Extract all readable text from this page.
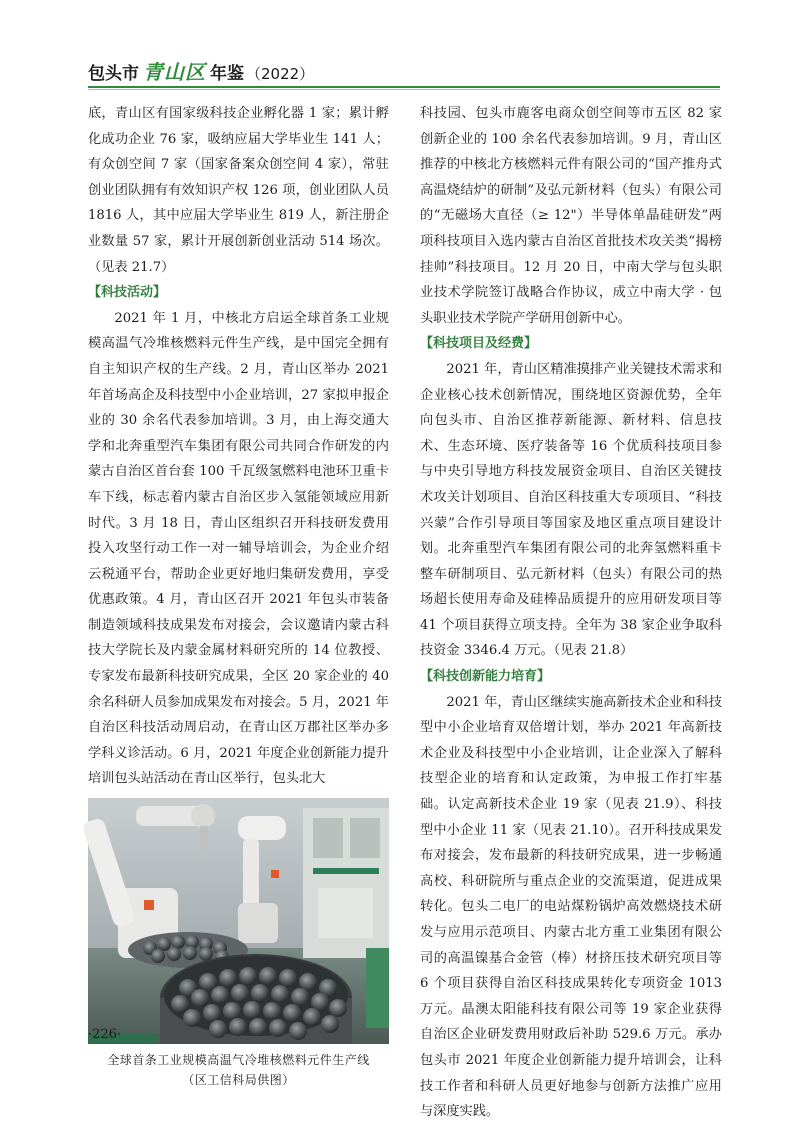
包头市 青山区 年鉴 （2022）

底，青山区有国家级科技企业孵化器 1 家；累计孵化成功企业 76 家，吸纳应届大学毕业生 141 人；有众创空间 7 家（国家备案众创空间 4 家），常驻创业团队拥有有效知识产权 126 项，创业团队人员 1816 人，其中应届大学毕业生 819 人，新注册企业数量 57 家，累计开展创新创业活动 514 场次。（见表 21.7）

【科技活动】

2021 年 1 月，中核北方启运全球首条工业规模高温气冷堆核燃料元件生产线，是中国完全拥有自主知识产权的生产线。2 月，青山区举办 2021 年首场高企及科技型中小企业培训，27 家拟申报企业的 30 余名代表参加培训。3 月，由上海交通大学和北奔重型汽车集团有限公司共同合作研发的内蒙古自治区首台套 100 千瓦级氢燃料电池环卫重卡车下线，标志着内蒙古自治区步入氢能领域应用新时代。3 月 18 日，青山区组织召开科技研发费用投入攻坚行动工作一对一辅导培训会，为企业介绍云税通平台，帮助企业更好地归集研发费用，享受优惠政策。4 月，青山区召开 2021 年包头市装备制造领域科技成果发布对接会，会议邀请内蒙古科技大学院长及内蒙金属材料研究所的 14 位教授、专家发布最新科技研究成果，全区 20 家企业的 40 余名科研人员参加成果发布对接会。5 月，2021 年自治区科技活动周启动，在青山区万郡社区举办多学科义诊活动。6 月，2021 年度企业创新能力提升培训包头站活动在青山区举行，包头北大

全球首条工业规模高温气冷堆核燃料元件生产线
（区工信科局供图）

科技园、包头市鹿客电商众创空间等市五区 82 家创新企业的 100 余名代表参加培训。9 月，青山区推荐的中核北方核燃料元件有限公司的“国产推舟式高温烧结炉的研制”及弘元新材料（包头）有限公司的“无磁场大直径（≥ 12"）半导体单晶硅研发”两项科技项目入选内蒙古自治区首批技术攻关类“揭榜挂帅”科技项目。12 月 20 日，中南大学与包头职业技术学院签订战略合作协议，成立中南大学 · 包头职业技术学院产学研用创新中心。

【科技项目及经费】

2021 年，青山区精准摸排产业关键技术需求和企业核心技术创新情况，围绕地区资源优势，全年向包头市、自治区推荐新能源、新材料、信息技术、生态环境、医疗装备等 16 个优质科技项目参与中央引导地方科技发展资金项目、自治区关键技术攻关计划项目、自治区科技重大专项项目、“科技兴蒙”合作引导项目等国家及地区重点项目建设计划。北奔重型汽车集团有限公司的北奔氢燃料重卡整车研制项目、弘元新材料（包头）有限公司的热场超长使用寿命及硅棒品质提升的应用研发项目等 41 个项目获得立项支持。全年为 38 家企业争取科技资金 3346.4 万元。（见表 21.8）

【科技创新能力培育】

2021 年，青山区继续实施高新技术企业和科技型中小企业培育双倍增计划，举办 2021 年高新技术企业及科技型中小企业培训，让企业深入了解科技型企业的培育和认定政策，为申报工作打牢基础。认定高新技术企业 19 家（见表 21.9）、科技型中小企业 11 家（见表 21.10）。召开科技成果发布对接会，发布最新的科技研究成果，进一步畅通高校、科研院所与重点企业的交流渠道，促进成果转化。包头二电厂的电站煤粉锅炉高效燃烧技术研发与应用示范项目、内蒙古北方重工业集团有限公司的高温镍基合金管（棒）材挤压技术研究项目等 6 个项目获得自治区科技成果转化专项资金 1013 万元。晶澳太阳能科技有限公司等 19 家企业获得自治区企业研发费用财政后补助 529.6 万元。承办包头市 2021 年度企业创新能力提升培训会，让科技工作者和科研人员更好地参与创新方法推广应用与深度实践。

·226·
